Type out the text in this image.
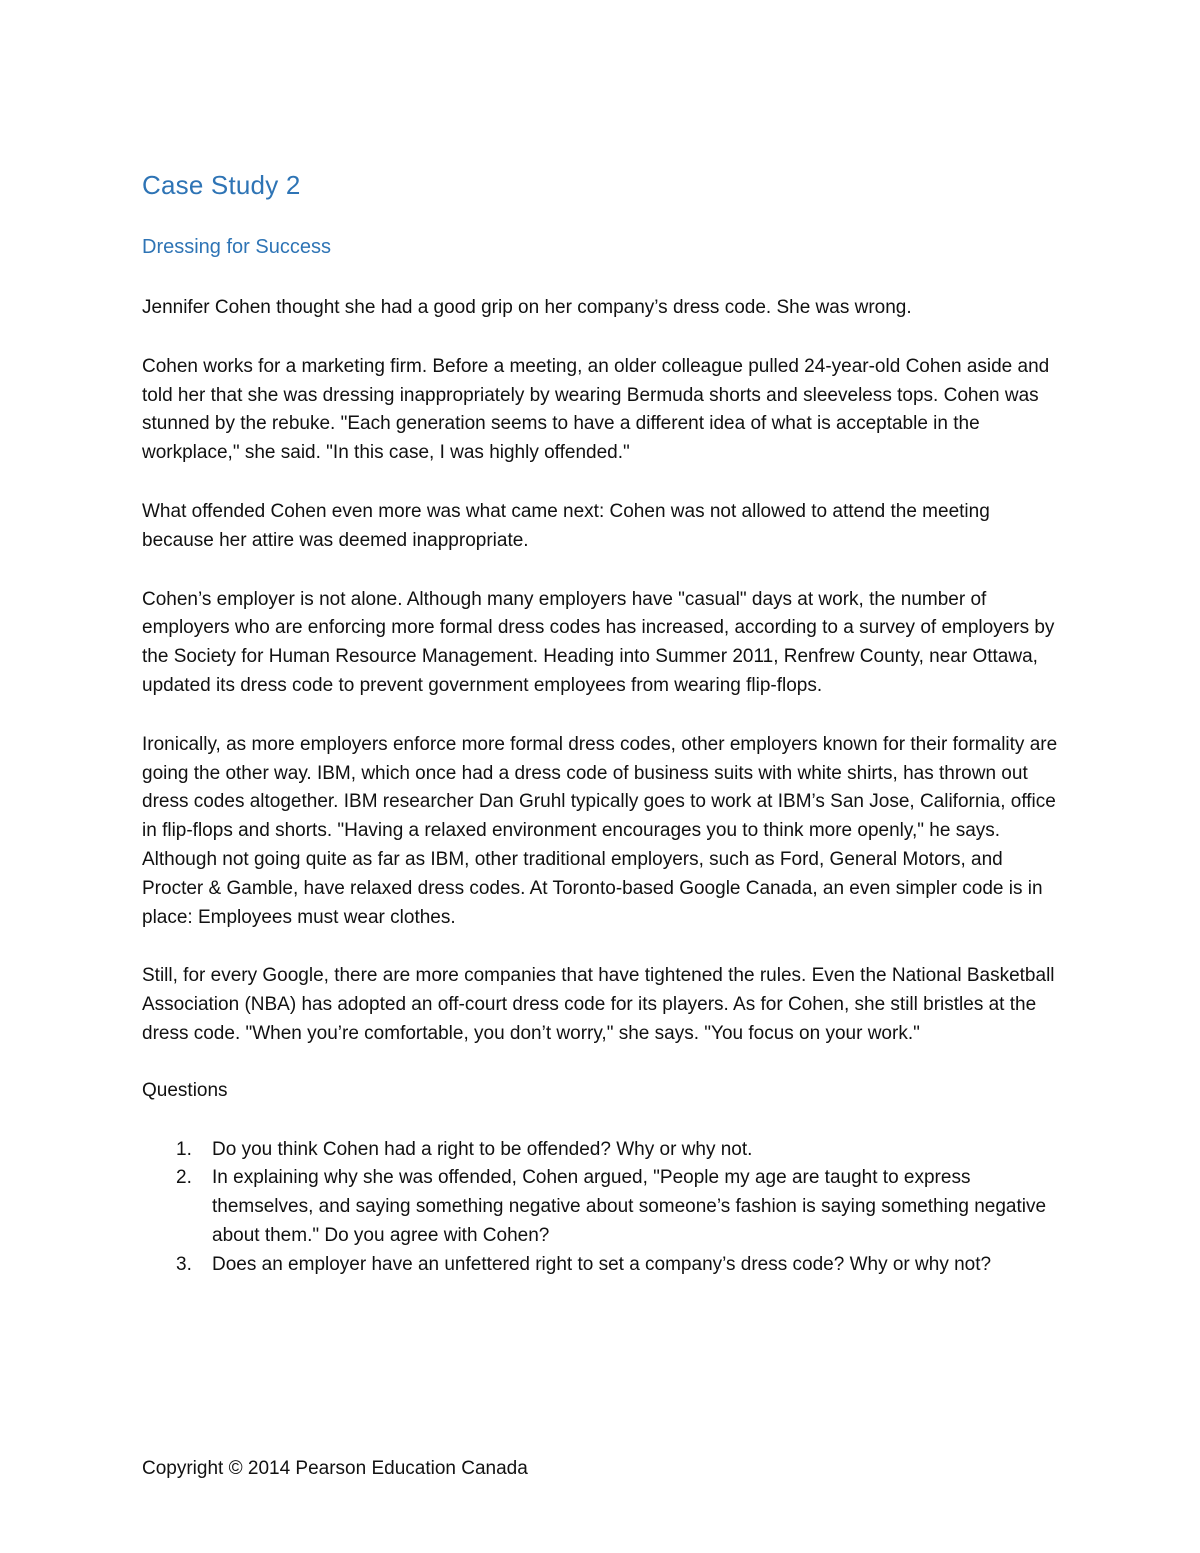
Case Study 2
Dressing for Success

Jennifer Cohen thought she had a good grip on her company’s dress code. She was wrong.

Cohen works for a marketing firm. Before a meeting, an older colleague pulled 24-year-old Cohen aside and told her that she was dressing inappropriately by wearing Bermuda shorts and sleeveless tops. Cohen was stunned by the rebuke. "Each generation seems to have a different idea of what is acceptable in the workplace," she said. "In this case, I was highly offended."

What offended Cohen even more was what came next: Cohen was not allowed to attend the meeting because her attire was deemed inappropriate.

Cohen’s employer is not alone. Although many employers have "casual" days at work, the number of employers who are enforcing more formal dress codes has increased, according to a survey of employers by the Society for Human Resource Management. Heading into Summer 2011, Renfrew County, near Ottawa, updated its dress code to prevent government employees from wearing flip-flops.

Ironically, as more employers enforce more formal dress codes, other employers known for their formality are going the other way. IBM, which once had a dress code of business suits with white shirts, has thrown out dress codes altogether. IBM researcher Dan Gruhl typically goes to work at IBM’s San Jose, California, office in flip-flops and shorts. "Having a relaxed environment encourages you to think more openly," he says. Although not going quite as far as IBM, other traditional employers, such as Ford, General Motors, and Procter & Gamble, have relaxed dress codes. At Toronto-based Google Canada, an even simpler code is in place: Employees must wear clothes.

Still, for every Google, there are more companies that have tightened the rules. Even the National Basketball Association (NBA) has adopted an off-court dress code for its players. As for Cohen, she still bristles at the dress code. "When you’re comfortable, you don’t worry," she says. "You focus on your work."

Questions

1. Do you think Cohen had a right to be offended? Why or why not.
2. In explaining why she was offended, Cohen argued, "People my age are taught to express themselves, and saying something negative about someone’s fashion is saying something negative about them." Do you agree with Cohen?
3. Does an employer have an unfettered right to set a company’s dress code? Why or why not?
Copyright © 2014 Pearson Education Canada
